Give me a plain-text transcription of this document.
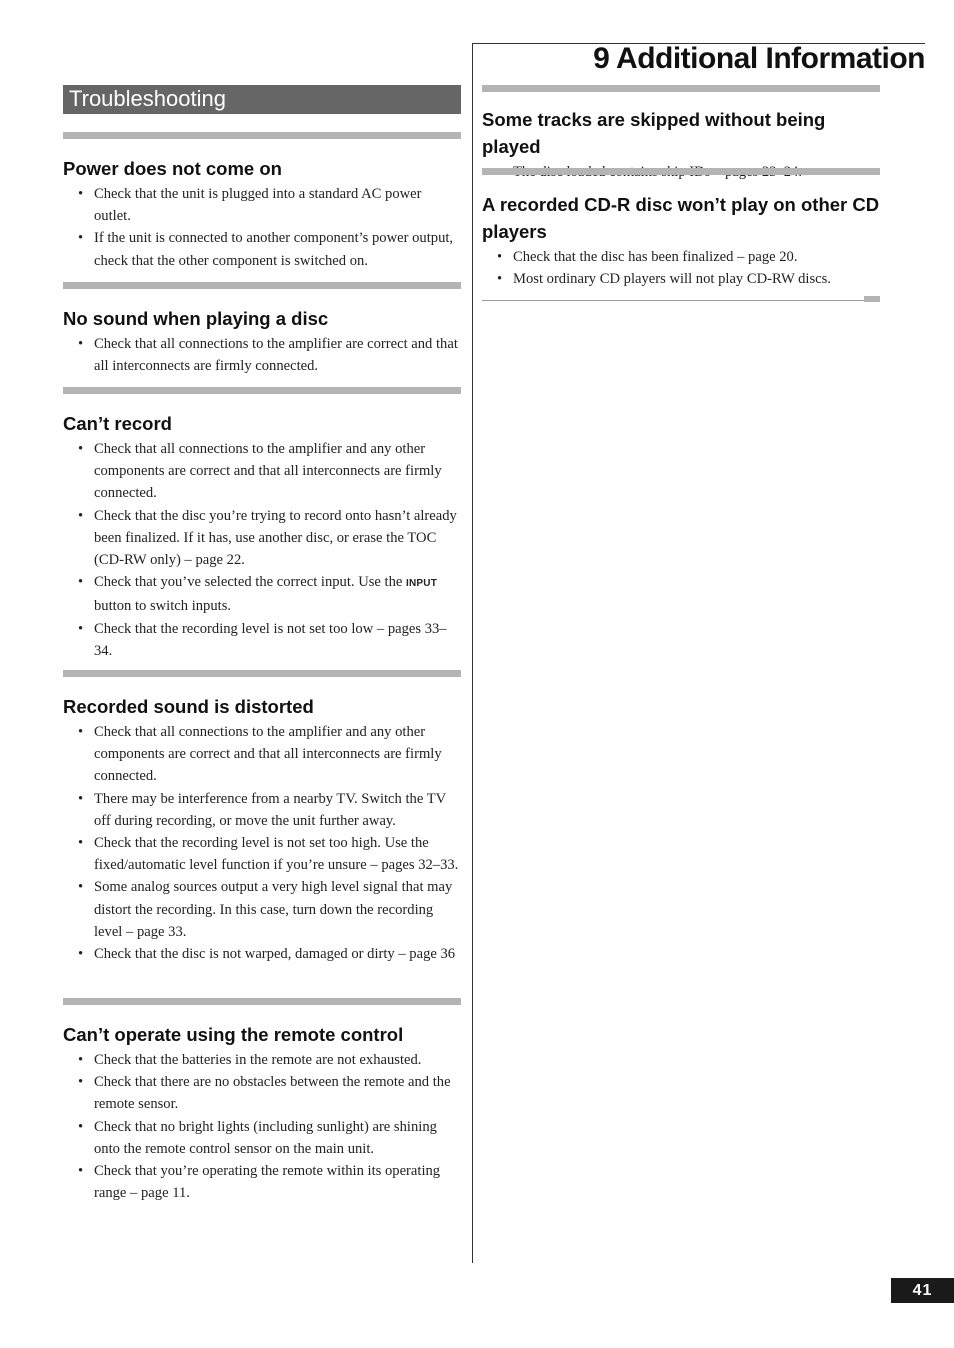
9 Additional Information
Troubleshooting
Power does not come on
• Check that the unit is plugged into a standard AC power outlet.
• If the unit is connected to another component’s power output, check that the other component is switched on.
No sound when playing a disc
• Check that all connections to the amplifier are correct and that all interconnects are firmly connected.
Can’t record
• Check that all connections to the amplifier and any other components are correct and that all interconnects are firmly connected.
• Check that the disc you’re trying to record onto hasn’t already been finalized. If it has, use another disc, or erase the TOC (CD-RW only) – page 22.
• Check that you’ve selected the correct input. Use the INPUT button to switch inputs.
• Check that the recording level is not set too low – pages 33–34.
Recorded sound is distorted
• Check that all connections to the amplifier and any other components are correct and that all interconnects are firmly connected.
• There may be interference from a nearby TV. Switch the TV off during recording, or move the unit further away.
• Check that the recording level is not set too high. Use the fixed/automatic level function if you’re unsure – pages 32–33.
• Some analog sources output a very high level signal that may distort the recording. In this case, turn down the recording level – page 33.
• Check that the disc is not warped, damaged or dirty – page 36
Can’t operate using the remote control
• Check that the batteries in the remote are not exhausted.
• Check that there are no obstacles between the remote and the remote sensor.
• Check that no bright lights (including sunlight) are shining onto the remote control sensor on the main unit.
• Check that you’re operating the remote within its operating range – page 11.
Some tracks are skipped without being played
A recorded CD-R disc won’t play on other CD players
• Check that the disc has been finalized – page 20.
• Most ordinary CD players will not play CD-RW discs.
41
